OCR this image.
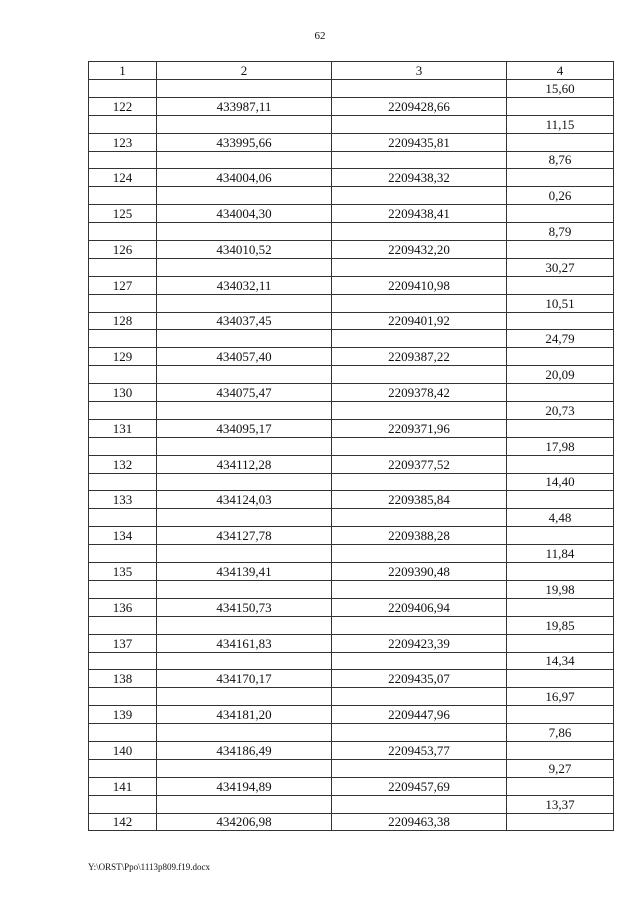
62
1	2	3	4
			15,60
122	433987,11	2209428,66	
			11,15
123	433995,66	2209435,81	
			8,76
124	434004,06	2209438,32	
			0,26
125	434004,30	2209438,41	
			8,79
126	434010,52	2209432,20	
			30,27
127	434032,11	2209410,98	
			10,51
128	434037,45	2209401,92	
			24,79
129	434057,40	2209387,22	
			20,09
130	434075,47	2209378,42	
			20,73
131	434095,17	2209371,96	
			17,98
132	434112,28	2209377,52	
			14,40
133	434124,03	2209385,84	
			4,48
134	434127,78	2209388,28	
			11,84
135	434139,41	2209390,48	
			19,98
136	434150,73	2209406,94	
			19,85
137	434161,83	2209423,39	
			14,34
138	434170,17	2209435,07	
			16,97
139	434181,20	2209447,96	
			7,86
140	434186,49	2209453,77	
			9,27
141	434194,89	2209457,69	
			13,37
142	434206,98	2209463,38	
Y:\ORST\Ppo\1113p809.f19.docx
